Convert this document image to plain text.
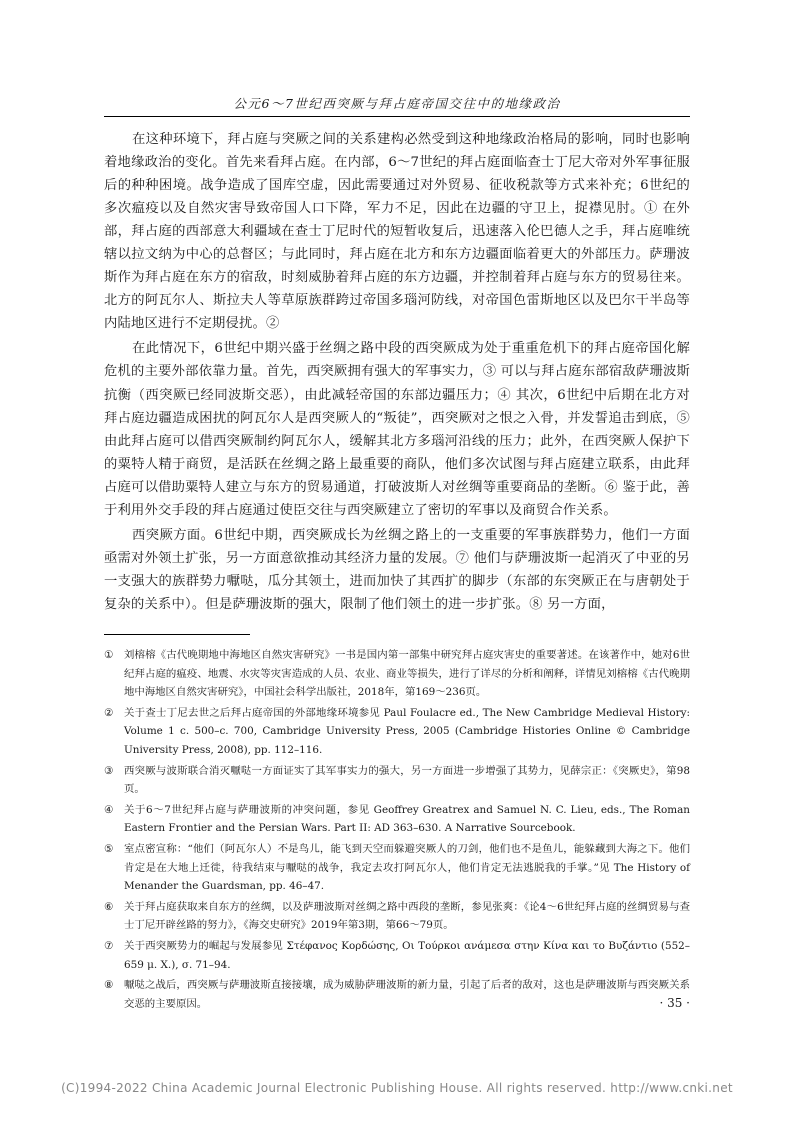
公元6～7世纪西突厥与拜占庭帝国交往中的地缘政治

在这种环境下，拜占庭与突厥之间的关系建构必然受到这种地缘政治格局的影响，同时也影响着地缘政治的变化。首先来看拜占庭。在内部，6～7世纪的拜占庭面临查士丁尼大帝对外军事征服后的种种困境。战争造成了国库空虚，因此需要通过对外贸易、征收税款等方式来补充；6世纪的多次瘟疫以及自然灾害导致帝国人口下降，军力不足，因此在边疆的守卫上，捉襟见肘。① 在外部，拜占庭的西部意大利疆域在查士丁尼时代的短暂收复后，迅速落入伦巴德人之手，拜占庭唯统辖以拉文纳为中心的总督区；与此同时，拜占庭在北方和东方边疆面临着更大的外部压力。萨珊波斯作为拜占庭在东方的宿敌，时刻威胁着拜占庭的东方边疆，并控制着拜占庭与东方的贸易往来。北方的阿瓦尔人、斯拉夫人等草原族群跨过帝国多瑙河防线，对帝国色雷斯地区以及巴尔干半岛等内陆地区进行不定期侵扰。②

在此情况下，6世纪中期兴盛于丝绸之路中段的西突厥成为处于重重危机下的拜占庭帝国化解危机的主要外部依靠力量。首先，西突厥拥有强大的军事实力，③ 可以与拜占庭东部宿敌萨珊波斯抗衡（西突厥已经同波斯交恶），由此减轻帝国的东部边疆压力；④ 其次，6世纪中后期在北方对拜占庭边疆造成困扰的阿瓦尔人是西突厥人的“叛徒”，西突厥对之恨之入骨，并发誓追击到底，⑤ 由此拜占庭可以借西突厥制约阿瓦尔人，缓解其北方多瑙河沿线的压力；此外，在西突厥人保护下的粟特人精于商贸，是活跃在丝绸之路上最重要的商队，他们多次试图与拜占庭建立联系，由此拜占庭可以借助粟特人建立与东方的贸易通道，打破波斯人对丝绸等重要商品的垄断。⑥ 鉴于此，善于利用外交手段的拜占庭通过使臣交往与西突厥建立了密切的军事以及商贸合作关系。

西突厥方面。6世纪中期，西突厥成长为丝绸之路上的一支重要的军事族群势力，他们一方面亟需对外领土扩张，另一方面意欲推动其经济力量的发展。⑦ 他们与萨珊波斯一起消灭了中亚的另一支强大的族群势力嚈哒，瓜分其领土，进而加快了其西扩的脚步（东部的东突厥正在与唐朝处于复杂的关系中）。但是萨珊波斯的强大，限制了他们领土的进一步扩张。⑧ 另一方面，

①	刘榕榕《古代晚期地中海地区自然灾害研究》一书是国内第一部集中研究拜占庭灾害史的重要著述。在该著作中，她对6世纪拜占庭的瘟疫、地震、水灾等灾害造成的人员、农业、商业等损失，进行了详尽的分析和阐释，详情见刘榕榕《古代晚期地中海地区自然灾害研究》，中国社会科学出版社，2018年，第169～236页。
②	关于查士丁尼去世之后拜占庭帝国的外部地缘环境参见 Paul Foulacre ed., The New Cambridge Medieval History: Volume 1 c. 500–c. 700, Cambridge University Press, 2005 (Cambridge Histories Online © Cambridge University Press, 2008), pp. 112–116.
③	西突厥与波斯联合消灭嚈哒一方面证实了其军事实力的强大，另一方面进一步增强了其势力，见薛宗正：《突厥史》，第98页。
④	关于6～7世纪拜占庭与萨珊波斯的冲突问题，参见 Geoffrey Greatrex and Samuel N. C. Lieu, eds., The Roman Eastern Frontier and the Persian Wars. Part II: AD 363–630. A Narrative Sourcebook.
⑤	室点密宣称：“他们（阿瓦尔人）不是鸟儿，能飞到天空而躲避突厥人的刀剑，他们也不是鱼儿，能躲藏到大海之下。他们肯定是在大地上迁徙，待我结束与嚈哒的战争，我定去攻打阿瓦尔人，他们肯定无法逃脱我的手掌。”见 The History of Menander the Guardsman, pp. 46–47.
⑥	关于拜占庭获取来自东方的丝绸，以及萨珊波斯对丝绸之路中西段的垄断，参见张爽：《论4～6世纪拜占庭的丝绸贸易与查士丁尼开辟丝路的努力》，《海交史研究》2019年第3期，第66～79页。
⑦	关于西突厥势力的崛起与发展参见 Στέφανος Κορδώσης, Οι Τούρκοι ανάμεσα στην Κίνα και το Βυζάντιο (552–659 μ. Χ.), σ. 71–94.
⑧	嚈哒之战后，西突厥与萨珊波斯直接接壤，成为威胁萨珊波斯的新力量，引起了后者的敌对，这也是萨珊波斯与西突厥关系交恶的主要原因。	· 35 ·
(C)1994-2022 China Academic Journal Electronic Publishing House. All rights reserved. http://www.cnki.net
